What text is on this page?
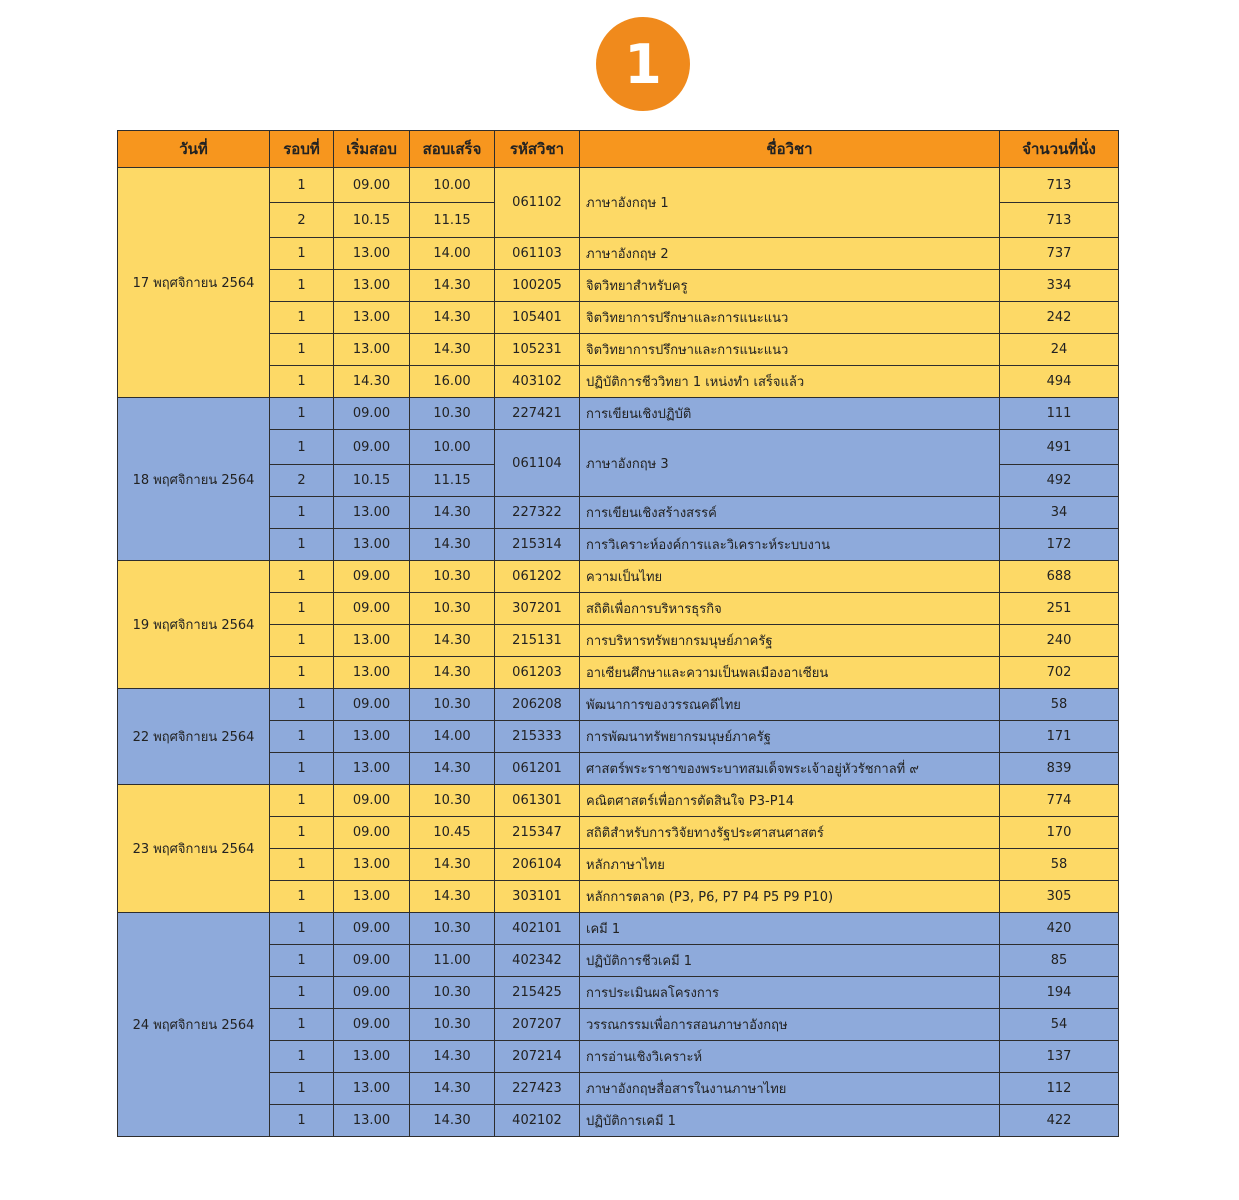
1
วันที่	รอบที่	เริ่มสอบ	สอบเสร็จ	รหัสวิชา	ชื่อวิชา	จำนวนที่นั่ง
17 พฤศจิกายน 2564	1	09.00	10.00	061102	ภาษาอังกฤษ 1	713
	2	10.15	11.15			713
	1	13.00	14.00	061103	ภาษาอังกฤษ 2	737
	1	13.00	14.30	100205	จิตวิทยาสำหรับครู	334
	1	13.00	14.30	105401	จิตวิทยาการปรึกษาและการแนะแนว	242
	1	13.00	14.30	105231	จิตวิทยาการปรึกษาและการแนะแนว	24
	1	14.30	16.00	403102	ปฏิบัติการชีววิทยา 1 เหน่งทำ เสร็จแล้ว	494
18 พฤศจิกายน 2564	1	09.00	10.30	227421	การเขียนเชิงปฏิบัติ	111
	1	09.00	10.00	061104	ภาษาอังกฤษ 3	491
	2	10.15	11.15			492
	1	13.00	14.30	227322	การเขียนเชิงสร้างสรรค์	34
	1	13.00	14.30	215314	การวิเคราะห์องค์การและวิเคราะห์ระบบงาน	172
19 พฤศจิกายน 2564	1	09.00	10.30	061202	ความเป็นไทย	688
	1	09.00	10.30	307201	สถิติเพื่อการบริหารธุรกิจ	251
	1	13.00	14.30	215131	การบริหารทรัพยากรมนุษย์ภาครัฐ	240
	1	13.00	14.30	061203	อาเซียนศึกษาและความเป็นพลเมืองอาเซียน	702
22 พฤศจิกายน 2564	1	09.00	10.30	206208	พัฒนาการของวรรณคดีไทย	58
	1	13.00	14.00	215333	การพัฒนาทรัพยากรมนุษย์ภาครัฐ	171
	1	13.00	14.30	061201	ศาสตร์พระราชาของพระบาทสมเด็จพระเจ้าอยู่หัวรัชกาลที่ ๙	839
23 พฤศจิกายน 2564	1	09.00	10.30	061301	คณิตศาสตร์เพื่อการตัดสินใจ P3-P14	774
	1	09.00	10.45	215347	สถิติสำหรับการวิจัยทางรัฐประศาสนศาสตร์	170
	1	13.00	14.30	206104	หลักภาษาไทย	58
	1	13.00	14.30	303101	หลักการตลาด (P3, P6, P7 P4 P5 P9 P10)	305
24 พฤศจิกายน 2564	1	09.00	10.30	402101	เคมี 1	420
	1	09.00	11.00	402342	ปฏิบัติการชีวเคมี 1	85
	1	09.00	10.30	215425	การประเมินผลโครงการ	194
	1	09.00	10.30	207207	วรรณกรรมเพื่อการสอนภาษาอังกฤษ	54
	1	13.00	14.30	207214	การอ่านเชิงวิเคราะห์	137
	1	13.00	14.30	227423	ภาษาอังกฤษสื่อสารในงานภาษาไทย	112
	1	13.00	14.30	402102	ปฏิบัติการเคมี 1	422
